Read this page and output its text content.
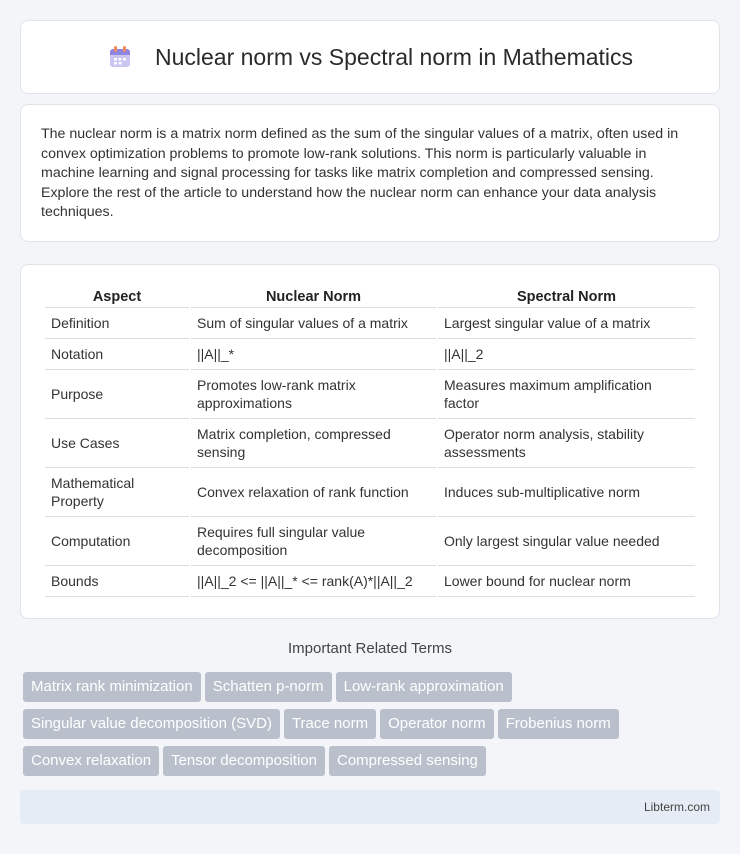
Nuclear norm vs Spectral norm in Mathematics

The nuclear norm is a matrix norm defined as the sum of the singular values of a matrix, often used in convex optimization problems to promote low-rank solutions. This norm is particularly valuable in machine learning and signal processing for tasks like matrix completion and compressed sensing. Explore the rest of the article to understand how the nuclear norm can enhance your data analysis techniques.

Aspect	Nuclear Norm	Spectral Norm
Definition	Sum of singular values of a matrix	Largest singular value of a matrix
Notation	||A||_*	||A||_2
Purpose	Promotes low-rank matrix approximations	Measures maximum amplification factor
Use Cases	Matrix completion, compressed sensing	Operator norm analysis, stability assessments
Mathematical Property	Convex relaxation of rank function	Induces sub-multiplicative norm
Computation	Requires full singular value decomposition	Only largest singular value needed
Bounds	||A||_2 <= ||A||_* <= rank(A)*||A||_2	Lower bound for nuclear norm
Important Related Terms
Matrix rank minimization Schatten p-norm Low-rank approximation
Singular value decomposition (SVD) Trace norm Operator norm Frobenius norm
Convex relaxation Tensor decomposition Compressed sensing
Libterm.com
